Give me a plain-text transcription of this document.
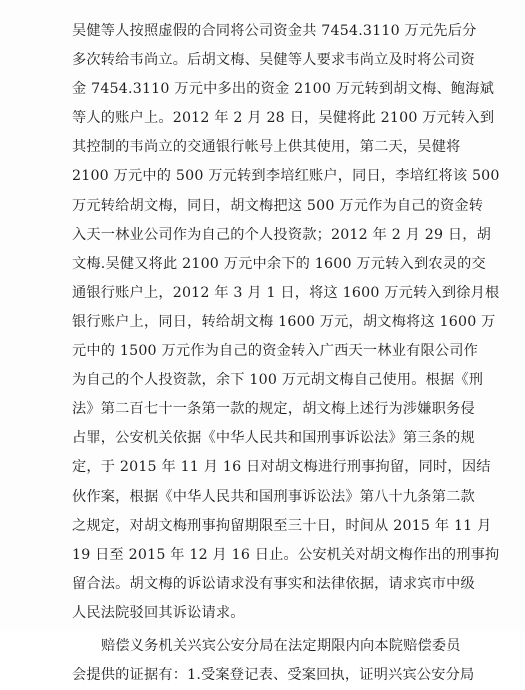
吴健等人按照虚假的合同将公司资金共 7454.3110 万元先后分
多次转给韦尚立。后胡文梅、吴健等人要求韦尚立及时将公司资
金 7454.3110 万元中多出的资金 2100 万元转到胡文梅、鲍海斌
等人的账户上。2012 年 2 月 28 日，吴健将此 2100 万元转入到
其控制的韦尚立的交通银行帐号上供其使用，第二天，吴健将
2100 万元中的 500 万元转到李培红账户，同日，李培红将该 500
万元转给胡文梅，同日，胡文梅把这 500 万元作为自己的资金转
入天一林业公司作为自己的个人投资款；2012 年 2 月 29 日，胡
文梅.吴健又将此 2100 万元中余下的 1600 万元转入到农灵的交
通银行账户上，2012 年 3 月 1 日，将这 1600 万元转入到徐月根
银行账户上，同日，转给胡文梅 1600 万元，胡文梅将这 1600 万
元中的 1500 万元作为自己的资金转入广西天一林业有限公司作
为自己的个人投资款，余下 100 万元胡文梅自己使用。根据《刑
法》第二百七十一条第一款的规定，胡文梅上述行为涉嫌职务侵
占罪，公安机关依据《中华人民共和国刑事诉讼法》第三条的规
定，于 2015 年 11 月 16 日对胡文梅进行刑事拘留，同时，因结
伙作案，根据《中华人民共和国刑事诉讼法》第八十九条第二款
之规定，对胡文梅刑事拘留期限至三十日，时间从 2015 年 11 月
19 日至 2015 年 12 月 16 日止。公安机关对胡文梅作出的刑事拘
留合法。胡文梅的诉讼请求没有事实和法律依据，请求宾市中级
人民法院驳回其诉讼请求。
赔偿义务机关兴宾公安分局在法定期限内向本院赔偿委员
会提供的证据有：1.受案登记表、受案回执，证明兴宾公安分局
